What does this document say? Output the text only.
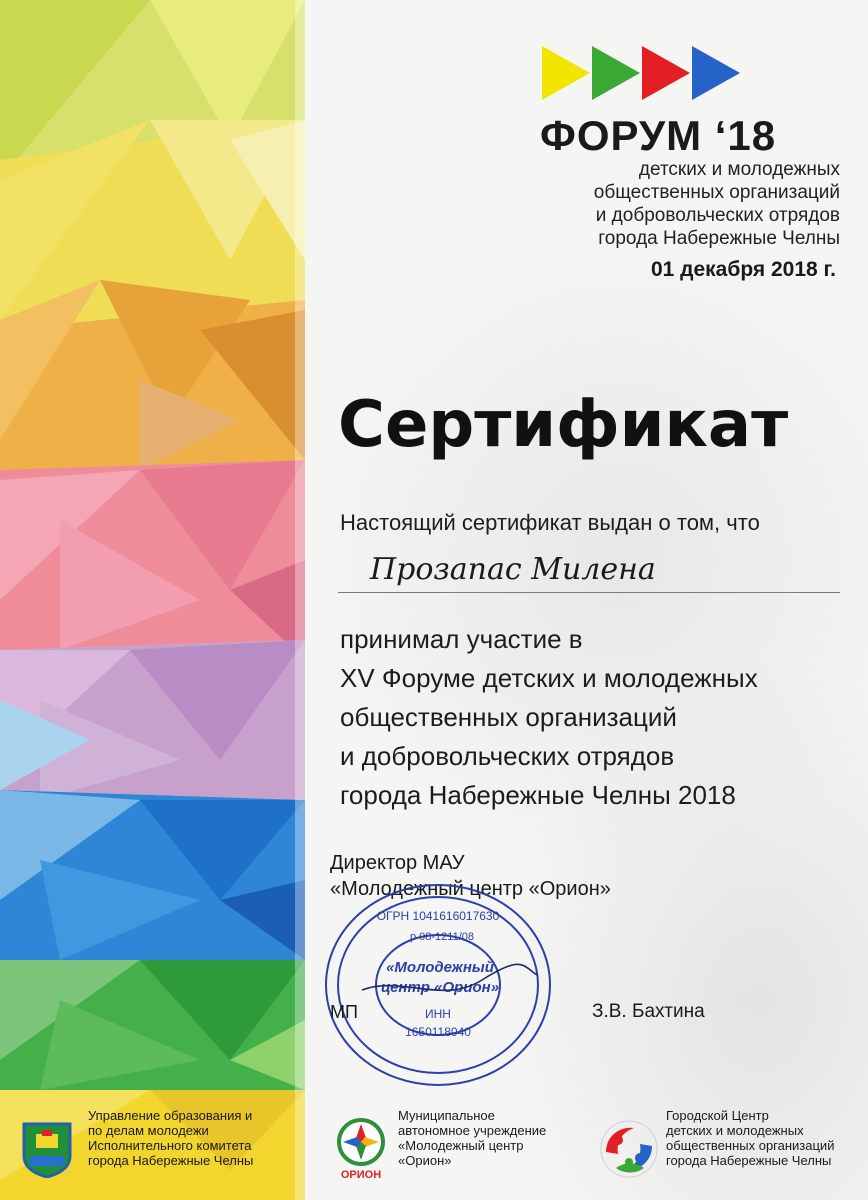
ФОРУМ ‘18
детских и молодежных
общественных организаций
и добровольческих отрядов
города Набережные Челны
01 декабря 2018 г.
Сертификат
Настоящий сертификат выдан о том, что
Прозапас Милена
принимал участие в
XV Форуме детских и молодежных
общественных организаций
и добровольческих отрядов
города Набережные Челны 2018
Директор МАУ
«Молодежный центр «Орион»
ОГРН 1041616017630
р 08-1211/08
«Молодежный
центр «Орион»
ИНН
1650118040
МП	З.В. Бахтина
Управление образования и
по делам молодежи
Исполнительного комитета
города Набережные Челны
ОРИОН
Муниципальное
автономное учреждение
«Молодежный центр
«Орион»
Городской Центр
детских и молодежных
общественных организаций
города Набережные Челны
